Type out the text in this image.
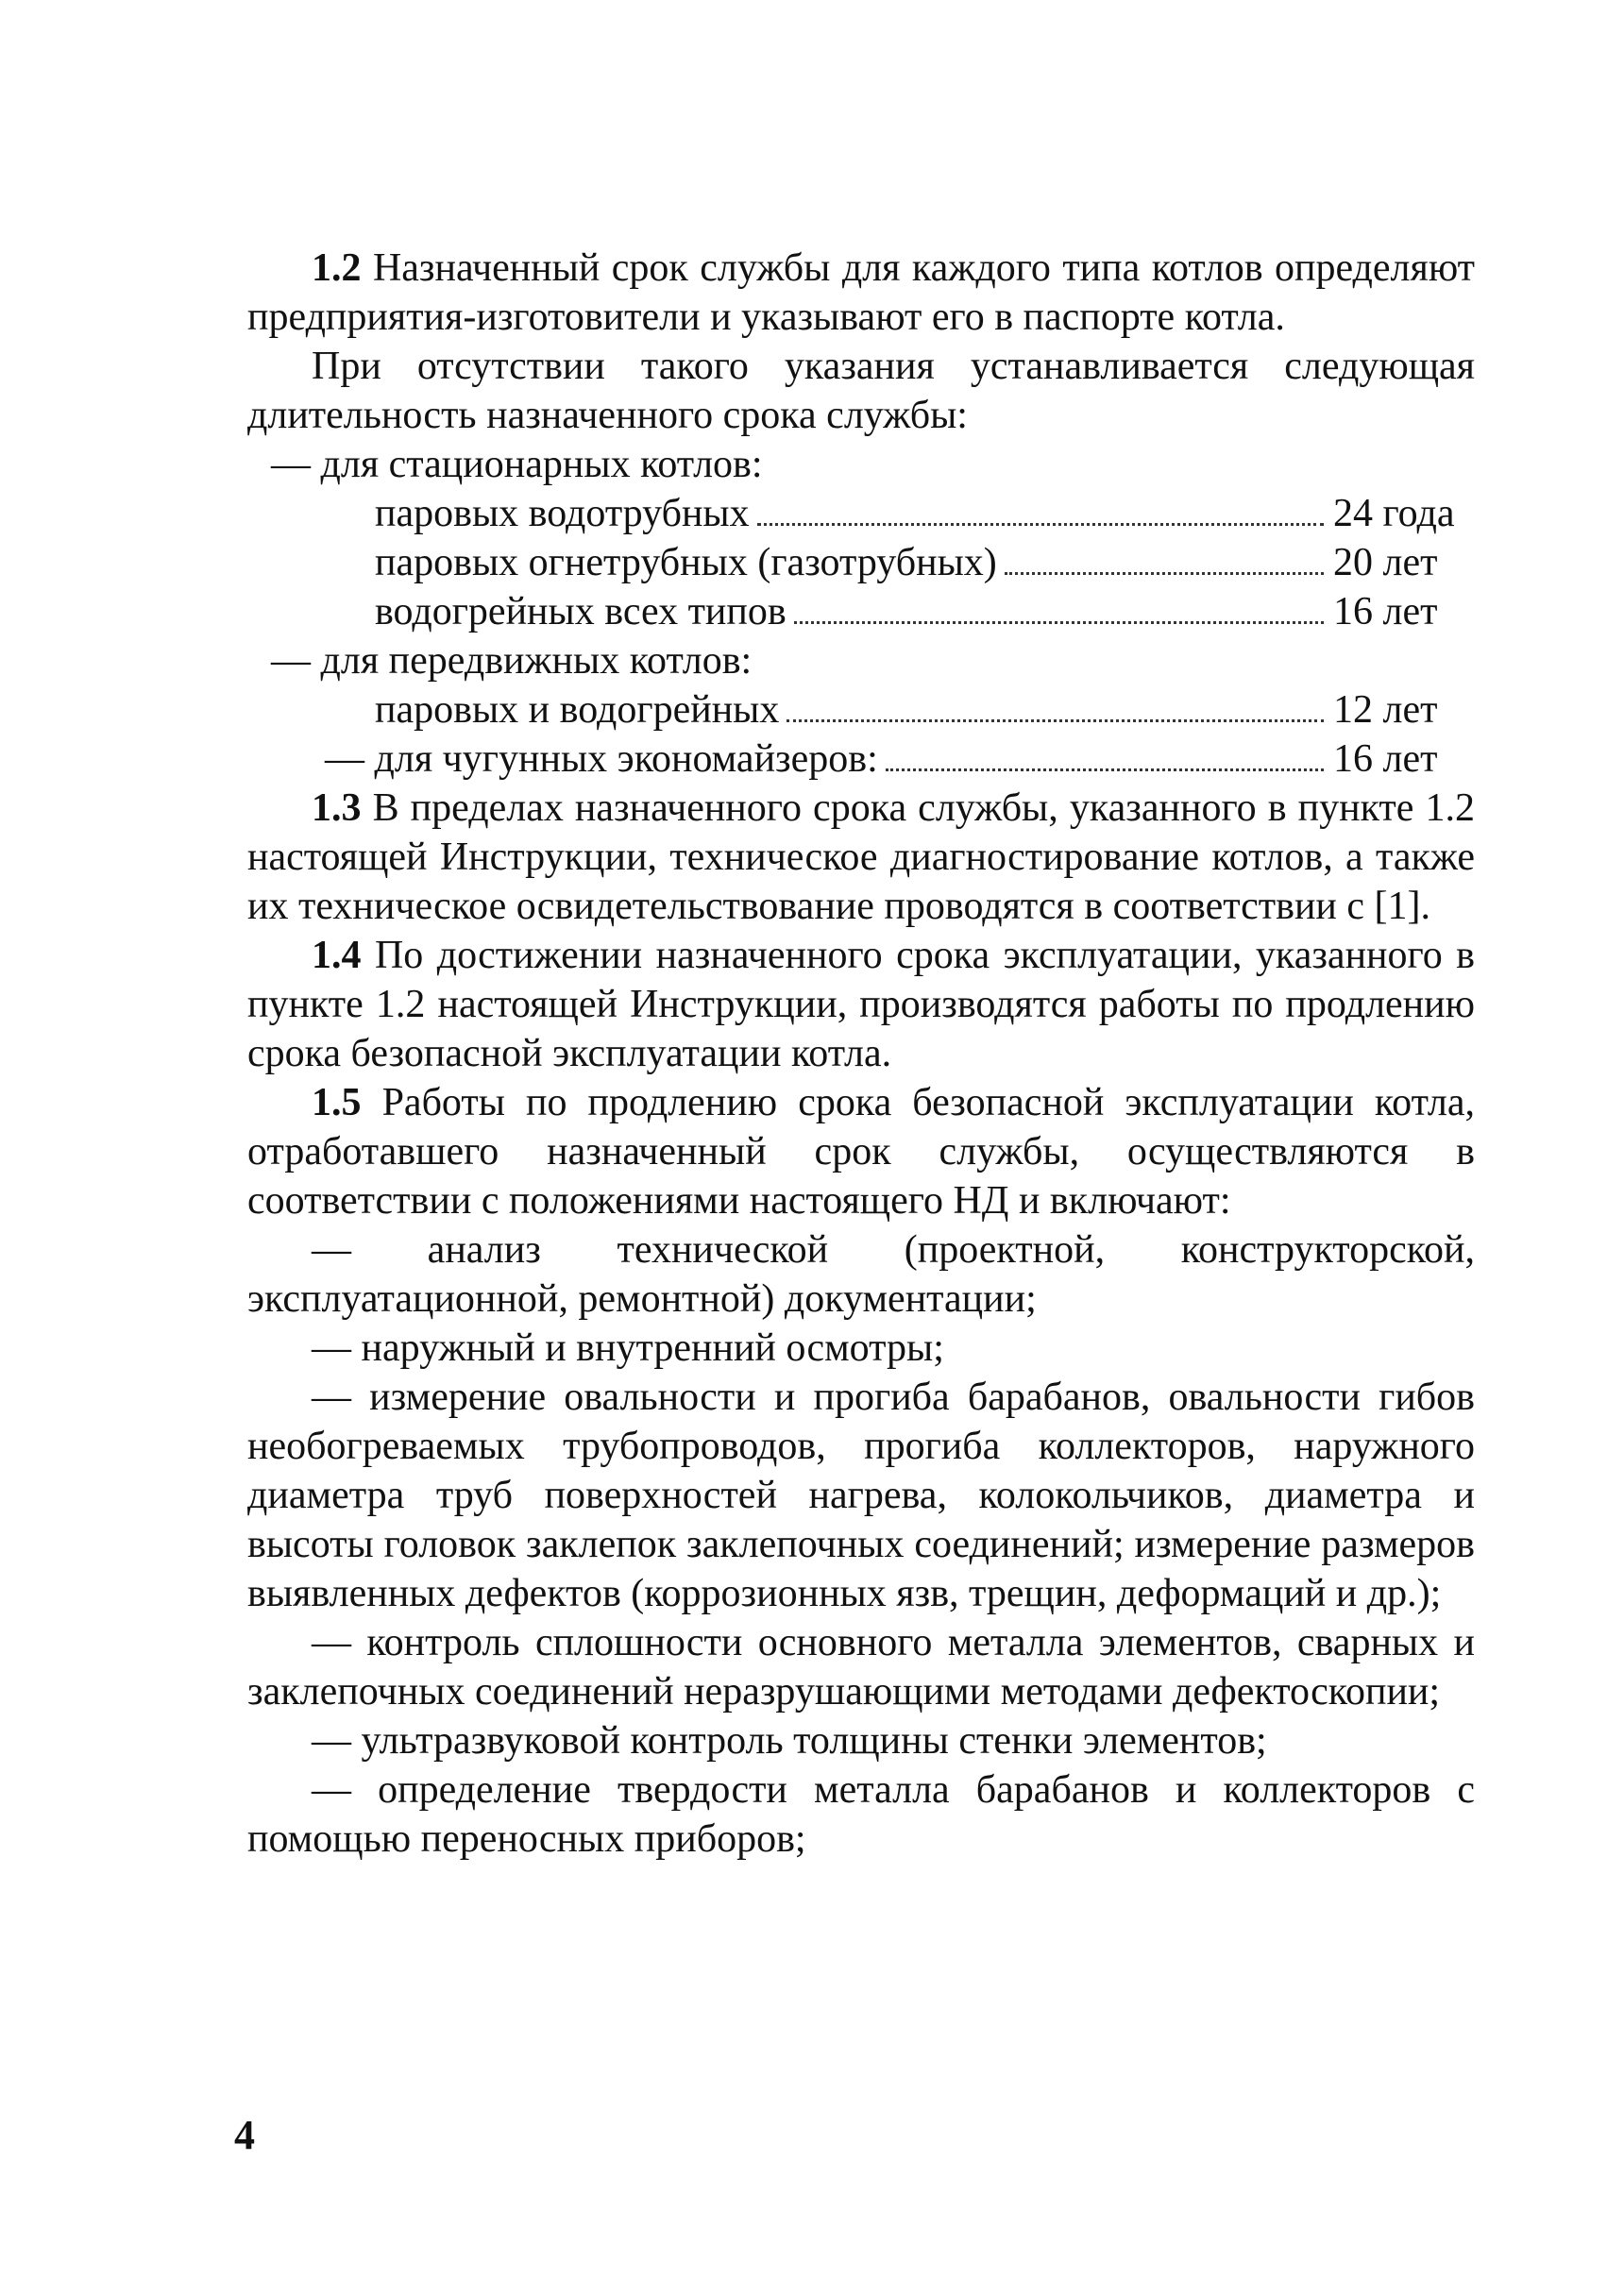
1.2 Назначенный срок службы для каждого типа котлов определяют предприятия-изготовители и указывают его в паспорте котла.

При отсутствии такого указания устанавливается следующая длительность назначенного срока службы:

— для стационарных котлов:

паровых водотрубных	24 года
паровых огнетрубных (газотрубных)	20 лет
водогрейных всех типов	16 лет

— для передвижных котлов:

паровых и водогрейных	12 лет
— для чугунных экономайзеров:	16 лет

1.3 В пределах назначенного срока службы, указанного в пункте 1.2 настоящей Инструкции, техническое диагностирование котлов, а также их техническое освидетельствование проводятся в соответствии с [1].

1.4 По достижении назначенного срока эксплуатации, указанного в пункте 1.2 настоящей Инструкции, производятся работы по продлению срока безопасной эксплуатации котла.

1.5 Работы по продлению срока безопасной эксплуатации котла, отработавшего назначенный срок службы, осуществляются в соответствии с положениями настоящего НД и включают:

— анализ технической (проектной, конструкторской, эксплуатационной, ремонтной) документации;

— наружный и внутренний осмотры;

— измерение овальности и прогиба барабанов, овальности гибов необогреваемых трубопроводов, прогиба коллекторов, наружного диаметра труб поверхностей нагрева, колокольчиков, диаметра и высоты головок заклепок заклепочных соединений; измерение размеров выявленных дефектов (коррозионных язв, трещин, деформаций и др.);

— контроль сплошности основного металла элементов, сварных и заклепочных соединений неразрушающими методами дефектоскопии;

— ультразвуковой контроль толщины стенки элементов;

— определение твердости металла барабанов и коллекторов с помощью переносных приборов;

4
